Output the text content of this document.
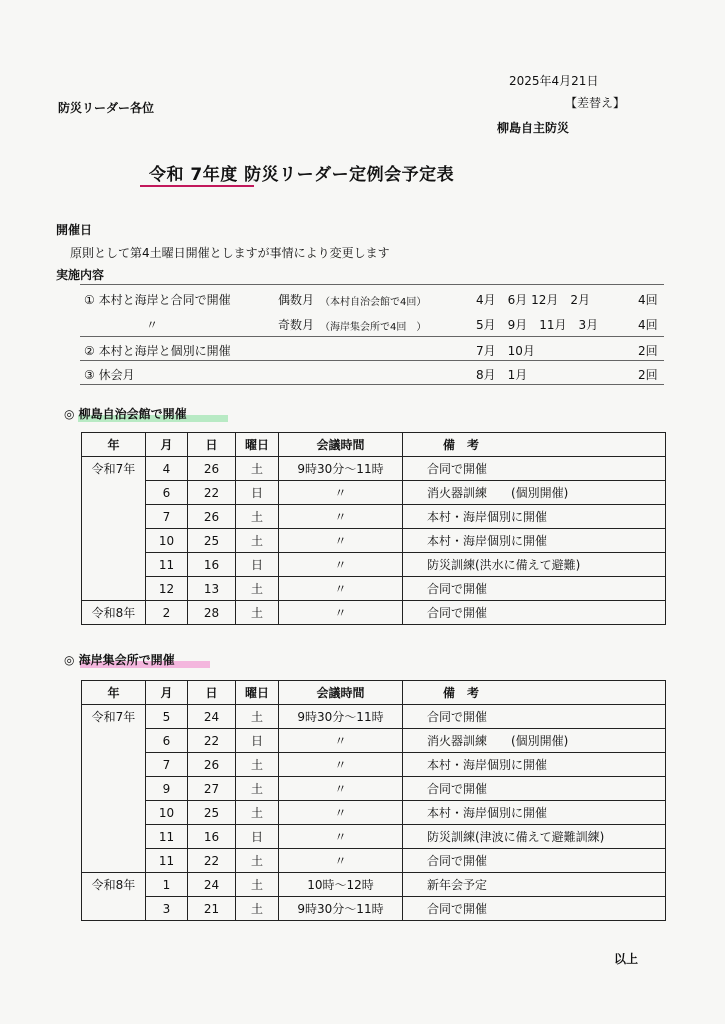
2025年4月21日
【差替え】
防災リーダー各位
柳島自主防災
令和 7年度 防災リーダー定例会予定表
開催日
原則として第4土曜日開催としますが事情により変更します
実施内容
① 本村と海岸と合同で開催	偶数月 （本村自治会館で4回）	4月　6月 12月　2月	4回
〃	奇数月 （海岸集会所で4回　）	5月　9月　11月　3月	4回
② 本村と海岸と個別に開催	7月　10月	2回
③ 休会月	8月　1月	2回
◎ 柳島自治会館で開催
年	月	日	曜日	会議時間	備　考
令和7年	4	26	土	9時30分～11時	合同で開催
	6	22	日	〃	消火器訓練　　(個別開催)
	7	26	土	〃	本村・海岸個別に開催
	10	25	土	〃	本村・海岸個別に開催
	11	16	日	〃	防災訓練(洪水に備えて避難)
	12	13	土	〃	合同で開催
令和8年	2	28	土	〃	合同で開催
◎ 海岸集会所で開催
年	月	日	曜日	会議時間	備　考
令和7年	5	24	土	9時30分～11時	合同で開催
	6	22	日	〃	消火器訓練　　(個別開催)
	7	26	土	〃	本村・海岸個別に開催
	9	27	土	〃	合同で開催
	10	25	土	〃	本村・海岸個別に開催
	11	16	日	〃	防災訓練(津波に備えて避難訓練)
	11	22	土	〃	合同で開催
令和8年	1	24	土	10時～12時	新年会予定
	3	21	土	9時30分～11時	合同で開催
以上
